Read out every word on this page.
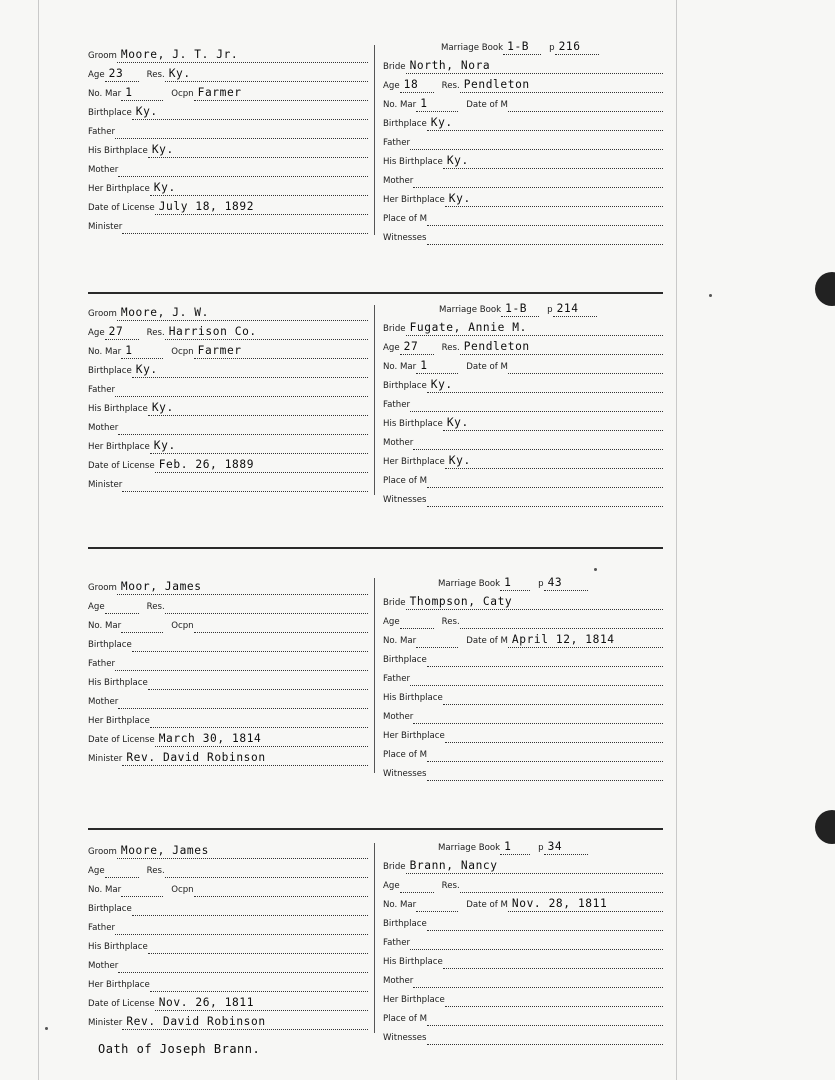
Groom Moore, J. T. Jr.
Age 23	Res. Ky.
No. Mar 1	Ocpn Farmer
Birthplace Ky.
Father
His Birthplace Ky.
Mother
Her Birthplace Ky.
Date of License July 18, 1892
Minister
Marriage Book 1-B p 216
Bride North, Nora
Age 18	Res. Pendleton
No. Mar 1	Date of M
Birthplace Ky.
Father
His Birthplace Ky.
Mother
Her Birthplace Ky.
Place of M
Witnesses
Groom Moore, J. W.
Age 27	Res. Harrison Co.
No. Mar 1	Ocpn Farmer
Birthplace Ky.
Father
His Birthplace Ky.
Mother
Her Birthplace Ky.
Date of License Feb. 26, 1889
Minister
Marriage Book 1-B p 214
Bride Fugate, Annie M.
Age 27	Res. Pendleton
No. Mar 1	Date of M
Birthplace Ky.
Father
His Birthplace Ky.
Mother
Her Birthplace Ky.
Place of M
Witnesses
Groom Moor, James
Age	Res.
No. Mar	Ocpn
Birthplace
Father
His Birthplace
Mother
Her Birthplace
Date of License March 30, 1814
Minister Rev. David Robinson
Marriage Book 1	p 43
Bride Thompson, Caty
Age	Res.
No. Mar	Date of M April 12, 1814
Birthplace
Father
His Birthplace
Mother
Her Birthplace
Place of M
Witnesses
Groom Moore, James
Age	Res.
No. Mar	Ocpn
Birthplace
Father
His Birthplace
Mother
Her Birthplace
Date of License Nov. 26, 1811
Minister Rev. David Robinson
Marriage Book 1	p 34
Bride Brann, Nancy
Age	Res.
No. Mar	Date of M Nov. 28, 1811
Birthplace
Father
His Birthplace
Mother
Her Birthplace
Place of M
Witnesses
Oath of Joseph Brann.
